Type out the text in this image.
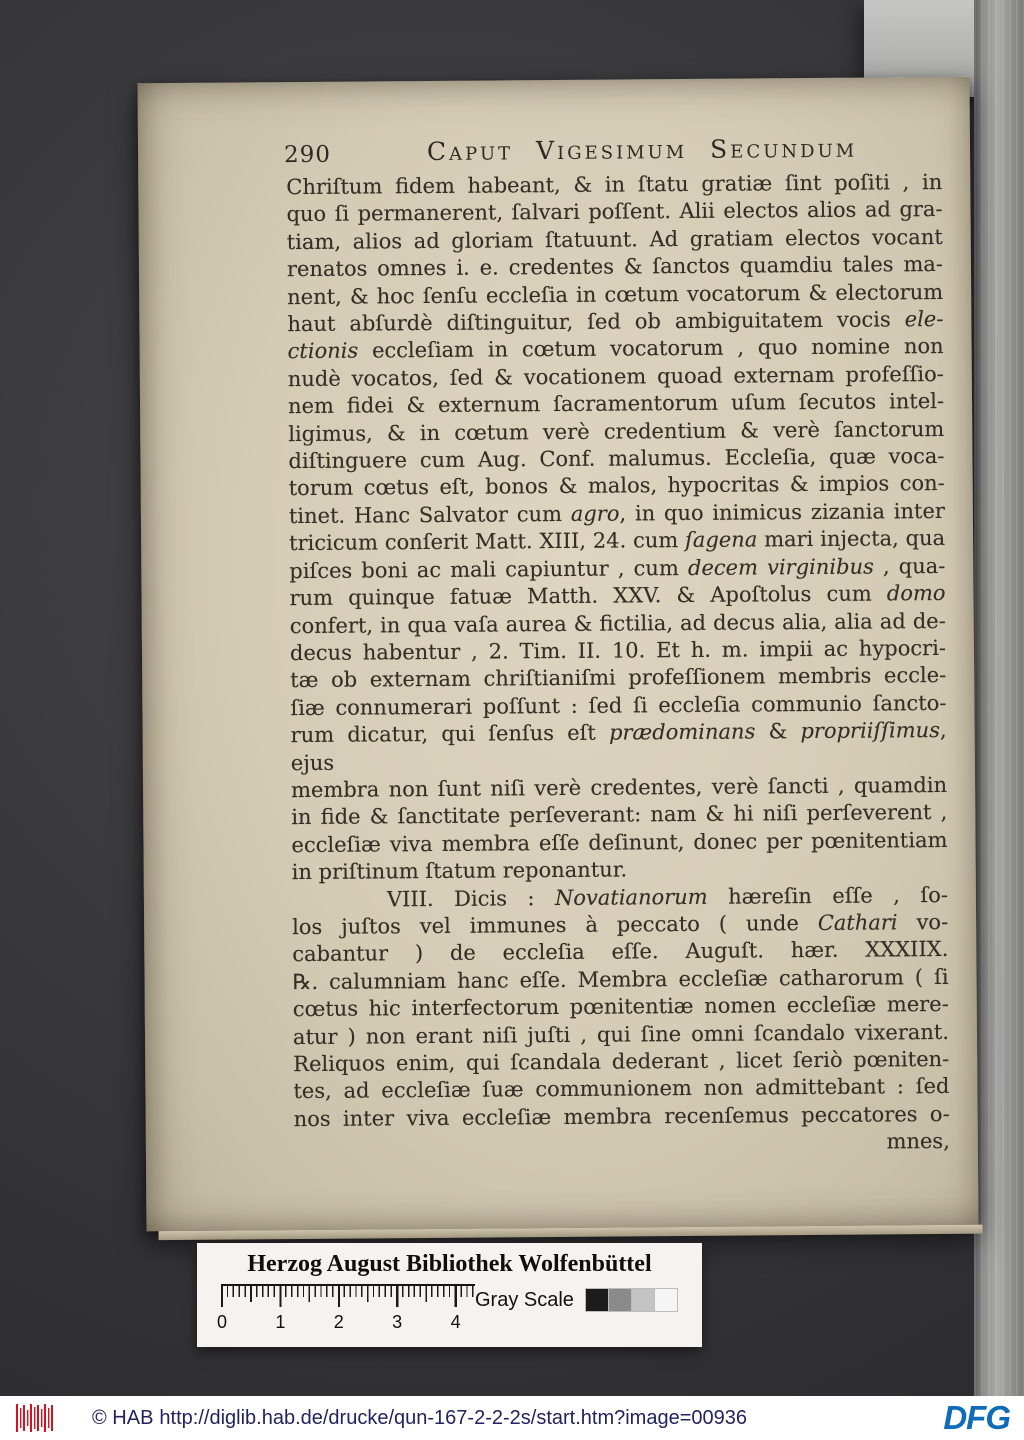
290	Caput Vigesimum Secundum
Chriſtum fidem habeant, & in ſtatu gratiæ ſint poſiti , in
quo ſi permanerent, ſalvari poſſent. Alii electos alios ad gra-
tiam, alios ad gloriam ſtatuunt. Ad gratiam electos vocant
renatos omnes i. e. credentes & ſanctos quamdiu tales ma-
nent, & hoc ſenſu eccleſia in cœtum vocatorum & electorum
haut abſurdè diſtinguitur, ſed ob ambiguitatem vocis ele-
ctionis eccleſiam in cœtum vocatorum , quo nomine non
nudè vocatos, ſed & vocationem quoad externam profeſſio-
nem fidei & externum ſacramentorum uſum ſecutos intel-
ligimus, & in cœtum verè credentium & verè ſanctorum
diſtinguere cum Aug. Conf. malumus. Eccleſia, quæ voca-
torum cœtus eſt, bonos & malos, hypocritas & impios con-
tinet. Hanc Salvator cum agro, in quo inimicus zizania inter
tricicum conſerit Matt. XIII, 24. cum ſagena mari injecta, qua
piſces boni ac mali capiuntur , cum decem virginibus , qua-
rum quinque fatuæ Matth. XXV. & Apoſtolus cum domo
confert, in qua vaſa aurea & fictilia, ad decus alia, alia ad de-
decus habentur , 2. Tim. II. 10. Et h. m. impii ac hypocri-
tæ ob externam chriſtianiſmi profeſſionem membris eccle-
ſiæ connumerari poſſunt : ſed ſi eccleſia communio ſancto-
rum dicatur, qui ſenſus eſt prædominans & propriiſſimus, ejus
membra non ſunt niſi verè credentes, verè ſancti , quamdin
in fide & ſanctitate perſeverant: nam & hi niſi perſeverent ,
eccleſiæ viva membra eſſe deſinunt, donec per pœnitentiam
in priſtinum ſtatum reponantur.
VIII. Dicis : Novatianorum hæreſin eſſe , ſo-
los juſtos vel immunes à peccato ( unde Cathari vo-
cabantur ) de eccleſia eſſe. Auguſt. hær. XXXIIX.
℞. calumniam hanc eſſe. Membra eccleſiæ catharorum ( ſi
cœtus hic interfectorum pœnitentiæ nomen eccleſiæ mere-
atur ) non erant niſi juſti , qui ſine omni ſcandalo vixerant.
Reliquos enim, qui ſcandala dederant , licet ſeriò pœniten-
tes, ad eccleſiæ ſuæ communionem non admittebant : ſed
nos inter viva eccleſiæ membra recenſemus peccatores o-
mnes,
Herzog August Bibliothek Wolfenbüttel
0	1	2	3	4
Gray Scale
© HAB http://diglib.hab.de/drucke/qun-167-2-2-2s/start.htm?image=00936	DFG
